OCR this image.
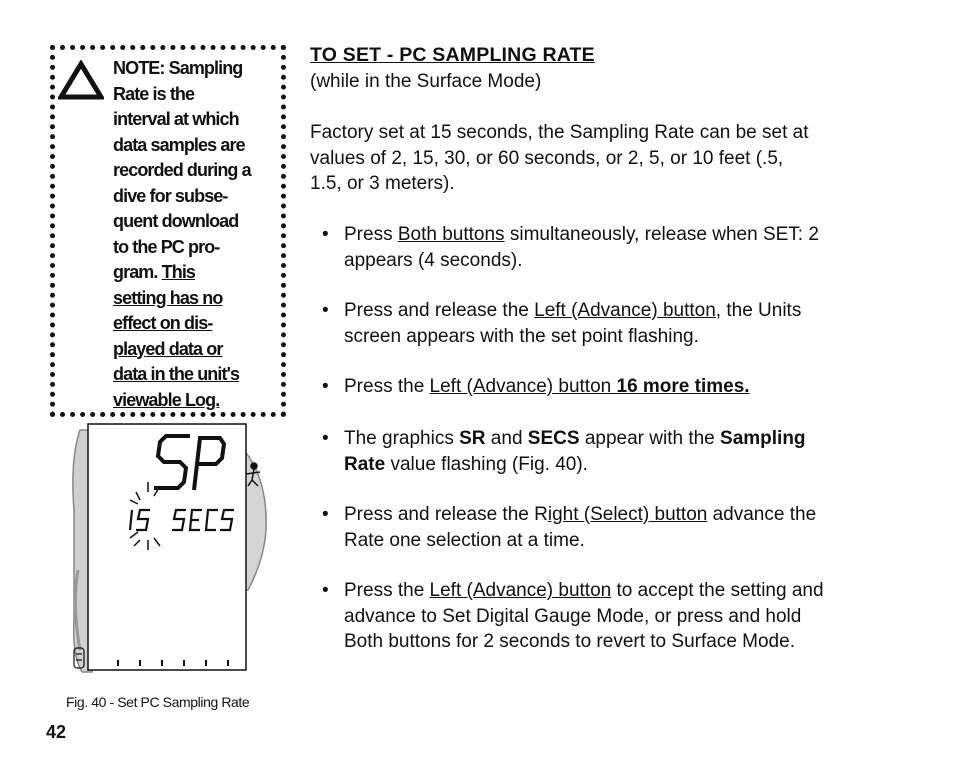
NOTE: Sampling
Rate is the
interval at which
data samples are
recorded during a
dive for subse-
quent download
to the PC pro-
gram. This
setting has no
effect on dis-
played data or
data in the unit's
viewable Log.
Fig. 40 - Set PC Sampling Rate
42
TO SET - PC SAMPLING RATE
(while in the Surface Mode)
Factory set at 15 seconds, the Sampling Rate can be set at
values of 2, 15, 30, or 60 seconds, or 2, 5, or 10 feet (.5,
1.5, or 3 meters).
• Press Both buttons simultaneously, release when SET: 2
appears (4 seconds).
• Press and release the Left (Advance) button, the Units
screen appears with the set point flashing.
• Press the Left (Advance) button 16 more times.
• The graphics SR and SECS appear with the Sampling
Rate value flashing (Fig. 40).
• Press and release the Right (Select) button advance the
Rate one selection at a time.
• Press the Left (Advance) button to accept the setting and
advance to Set Digital Gauge Mode, or press and hold
Both buttons for 2 seconds to revert to Surface Mode.
